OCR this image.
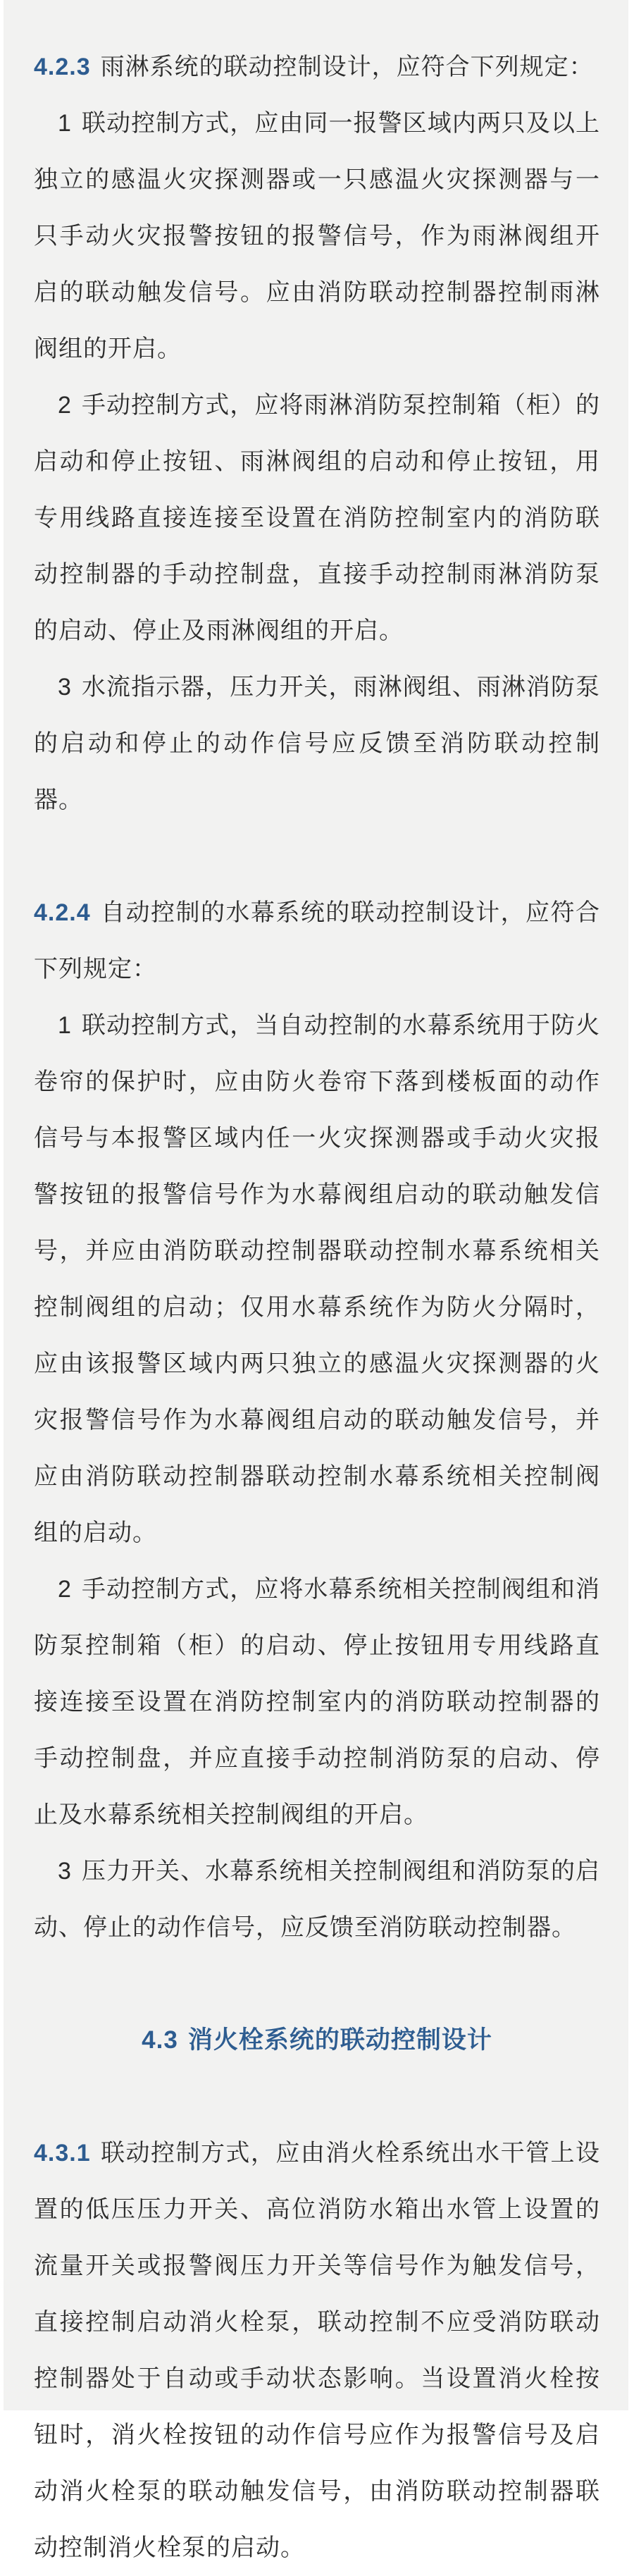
4.2.3 雨淋系统的联动控制设计，应符合下列规定：

1 联动控制方式，应由同一报警区域内两只及以上独立的感温火灾探测器或一只感温火灾探测器与一只手动火灾报警按钮的报警信号，作为雨淋阀组开启的联动触发信号。应由消防联动控制器控制雨淋阀组的开启。

2 手动控制方式，应将雨淋消防泵控制箱（柜）的启动和停止按钮、雨淋阀组的启动和停止按钮，用专用线路直接连接至设置在消防控制室内的消防联动控制器的手动控制盘，直接手动控制雨淋消防泵的启动、停止及雨淋阀组的开启。

3 水流指示器，压力开关，雨淋阀组、雨淋消防泵的启动和停止的动作信号应反馈至消防联动控制器。

4.2.4 自动控制的水幕系统的联动控制设计，应符合下列规定：

1 联动控制方式，当自动控制的水幕系统用于防火卷帘的保护时，应由防火卷帘下落到楼板面的动作信号与本报警区域内任一火灾探测器或手动火灾报警按钮的报警信号作为水幕阀组启动的联动触发信号，并应由消防联动控制器联动控制水幕系统相关控制阀组的启动；仅用水幕系统作为防火分隔时，应由该报警区域内两只独立的感温火灾探测器的火灾报警信号作为水幕阀组启动的联动触发信号，并应由消防联动控制器联动控制水幕系统相关控制阀组的启动。

2 手动控制方式，应将水幕系统相关控制阀组和消防泵控制箱（柜）的启动、停止按钮用专用线路直接连接至设置在消防控制室内的消防联动控制器的手动控制盘，并应直接手动控制消防泵的启动、停止及水幕系统相关控制阀组的开启。

3 压力开关、水幕系统相关控制阀组和消防泵的启动、停止的动作信号，应反馈至消防联动控制器。

4.3 消火栓系统的联动控制设计

4.3.1 联动控制方式，应由消火栓系统出水干管上设置的低压压力开关、高位消防水箱出水管上设置的流量开关或报警阀压力开关等信号作为触发信号，直接控制启动消火栓泵，联动控制不应受消防联动控制器处于自动或手动状态影响。当设置消火栓按钮时，消火栓按钮的动作信号应作为报警信号及启动消火栓泵的联动触发信号，由消防联动控制器联动控制消火栓泵的启动。
